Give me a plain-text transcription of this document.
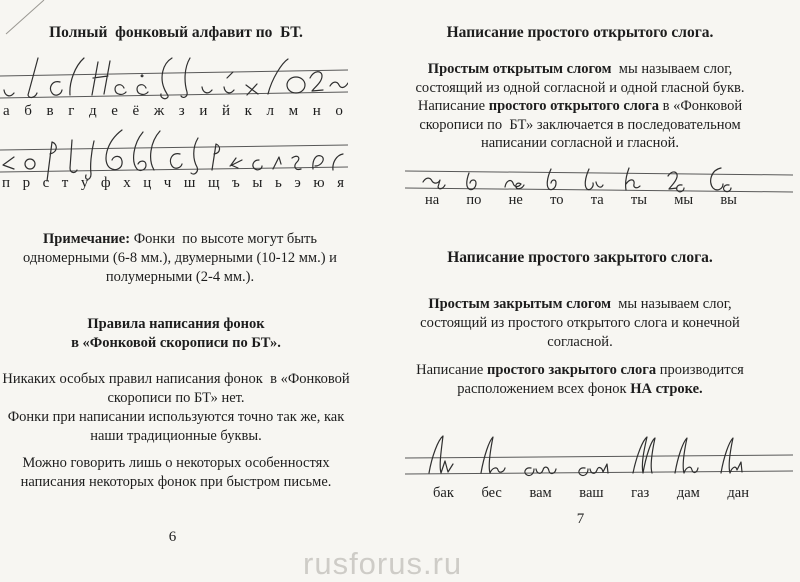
Полный  фонковый алфавит по  БТ.
а б в г д е ё ж з и й к л м н о
п р с т у ф х ц ч ш щ ъ ы ь э ю я
Примечание: Фонки  по высоте могут быть
одномерными (6-8 мм.), двумерными (10-12 мм.) и
полумерными (2-4 мм.).
Правила написания фонок
в «Фонковой скорописи по БТ».
Никаких особых правил написания фонок  в «Фонковой
скорописи по БТ» нет.
Фонки при написании используются точно так же, как
наши традиционные буквы.
Можно говорить лишь о некоторых особенностях
написания некоторых фонок при быстром письме.
6
Написание простого открытого слога.
Простым открытым слогом  мы называем слог,
состоящий из одной согласной и одной гласной букв.
Написание простого открытого слога в «Фонковой
скорописи по  БТ» заключается в последовательном
написании согласной и гласной.
на по не то та ты мы вы
Написание простого закрытого слога.
Простым закрытым слогом  мы называем слог,
состоящий из простого открытого слога и конечной
согласной.
Написание простого закрытого слога производится
расположением всех фонок НА строке.
бак бес вам ваш газ дам дан
7
rusforus.ru
